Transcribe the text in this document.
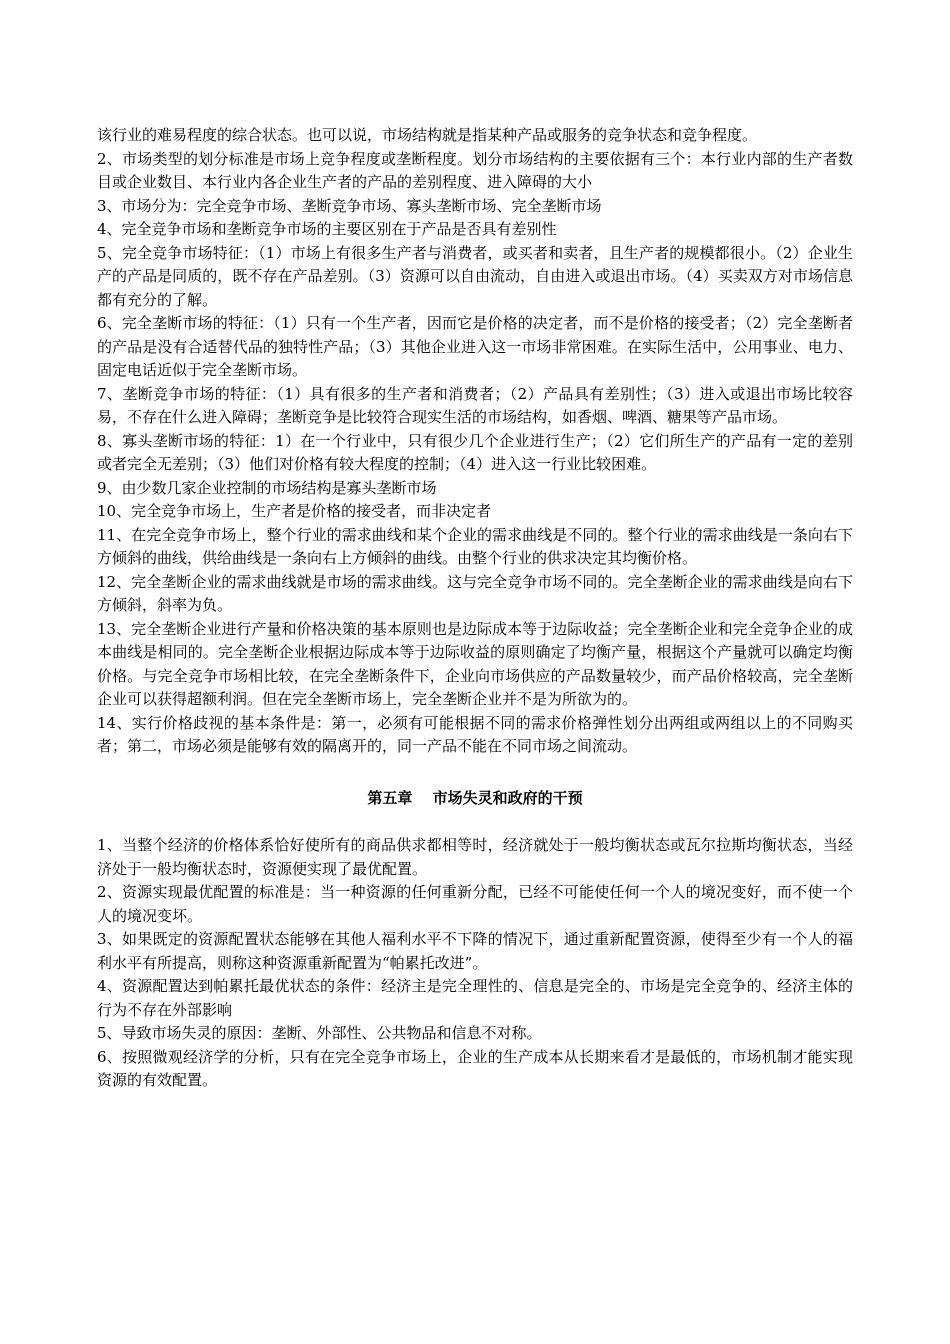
该行业的难易程度的综合状态。也可以说，市场结构就是指某种产品或服务的竞争状态和竞争程度。

2、市场类型的划分标准是市场上竞争程度或垄断程度。划分市场结构的主要依据有三个：本行业内部的生产者数目或企业数目、本行业内各企业生产者的产品的差别程度、进入障碍的大小

3、市场分为：完全竞争市场、垄断竞争市场、寡头垄断市场、完全垄断市场

4、完全竞争市场和垄断竞争市场的主要区别在于产品是否具有差别性

5、完全竞争市场特征：（1）市场上有很多生产者与消费者，或买者和卖者，且生产者的规模都很小。（2）企业生产的产品是同质的，既不存在产品差别。（3）资源可以自由流动，自由进入或退出市场。（4）买卖双方对市场信息都有充分的了解。

6、完全垄断市场的特征：（1）只有一个生产者，因而它是价格的决定者，而不是价格的接受者；（2）完全垄断者的产品是没有合适替代品的独特性产品；（3）其他企业进入这一市场非常困难。在实际生活中，公用事业、电力、固定电话近似于完全垄断市场。

7、垄断竞争市场的特征：（1）具有很多的生产者和消费者；（2）产品具有差别性；（3）进入或退出市场比较容易，不存在什么进入障碍；垄断竞争是比较符合现实生活的市场结构，如香烟、啤酒、糖果等产品市场。

8、寡头垄断市场的特征：1）在一个行业中，只有很少几个企业进行生产；（2）它们所生产的产品有一定的差别或者完全无差别；（3）他们对价格有较大程度的控制；（4）进入这一行业比较困难。

9、由少数几家企业控制的市场结构是寡头垄断市场

10、完全竞争市场上，生产者是价格的接受者，而非决定者

11、在完全竞争市场上，整个行业的需求曲线和某个企业的需求曲线是不同的。整个行业的需求曲线是一条向右下方倾斜的曲线，供给曲线是一条向右上方倾斜的曲线。由整个行业的供求决定其均衡价格。

12、完全垄断企业的需求曲线就是市场的需求曲线。这与完全竞争市场不同的。完全垄断企业的需求曲线是向右下方倾斜，斜率为负。

13、完全垄断企业进行产量和价格决策的基本原则也是边际成本等于边际收益；完全垄断企业和完全竞争企业的成本曲线是相同的。完全垄断企业根据边际成本等于边际收益的原则确定了均衡产量，根据这个产量就可以确定均衡价格。与完全竞争市场相比较，在完全垄断条件下，企业向市场供应的产品数量较少，而产品价格较高，完全垄断企业可以获得超额利润。但在完全垄断市场上，完全垄断企业并不是为所欲为的。

14、实行价格歧视的基本条件是：第一，必须有可能根据不同的需求价格弹性划分出两组或两组以上的不同购买者；第二，市场必须是能够有效的隔离开的，同一产品不能在不同市场之间流动。

第五章　 市场失灵和政府的干预

1、当整个经济的价格体系恰好使所有的商品供求都相等时，经济就处于一般均衡状态或瓦尔拉斯均衡状态，当经济处于一般均衡状态时，资源便实现了最优配置。

2、资源实现最优配置的标准是：当一种资源的任何重新分配，已经不可能使任何一个人的境况变好，而不使一个人的境况变坏。

3、如果既定的资源配置状态能够在其他人福利水平不下降的情况下，通过重新配置资源，使得至少有一个人的福利水平有所提高，则称这种资源重新配置为“帕累托改进”。

4、资源配置达到帕累托最优状态的条件：经济主是完全理性的、信息是完全的、市场是完全竞争的、经济主体的行为不存在外部影响

5、导致市场失灵的原因：垄断、外部性、公共物品和信息不对称。

6、按照微观经济学的分析，只有在完全竞争市场上，企业的生产成本从长期来看才是最低的，市场机制才能实现资源的有效配置。
